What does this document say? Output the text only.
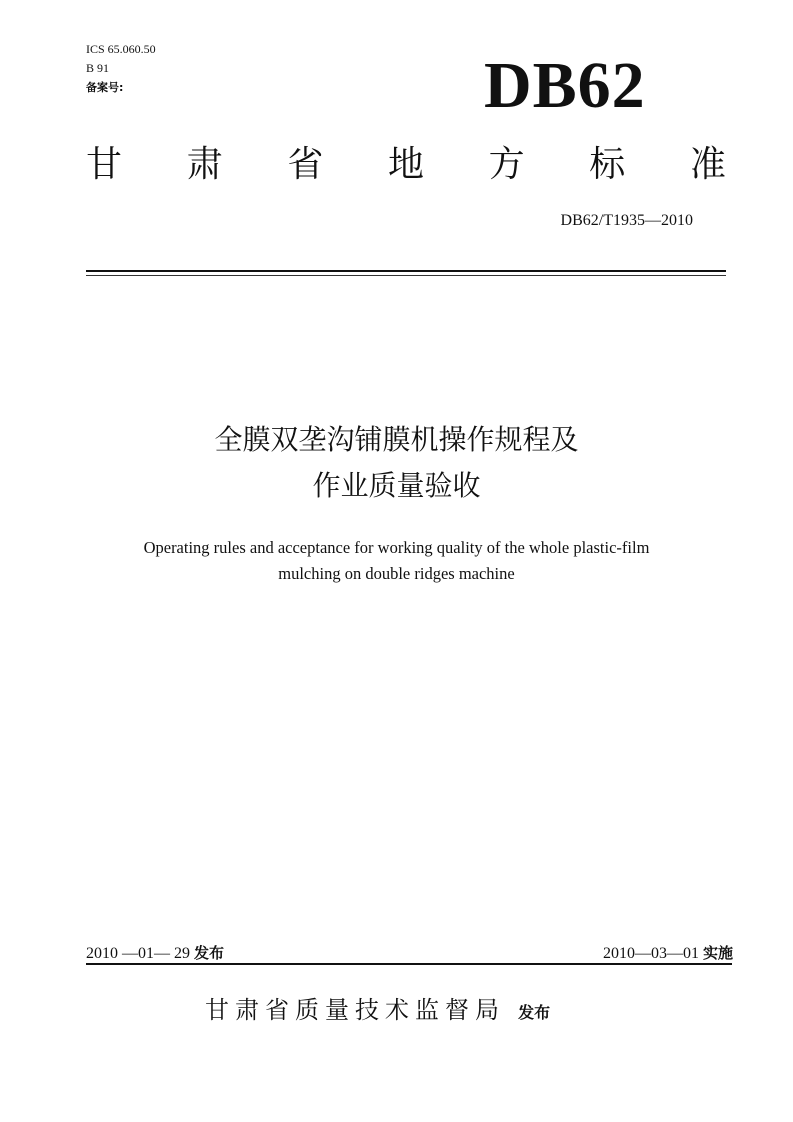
ICS 65.060.50
B 91
备案号:	DB62
甘 肃 省 地 方 标 准
DB62/T1935—2010
全膜双垄沟铺膜机操作规程及
作业质量验收
Operating rules and acceptance for working quality of the whole plastic-film
mulching on double ridges machine
2010 —01— 29 发布	2010—03—01 实施
甘肃省质量技术监督局 发布
